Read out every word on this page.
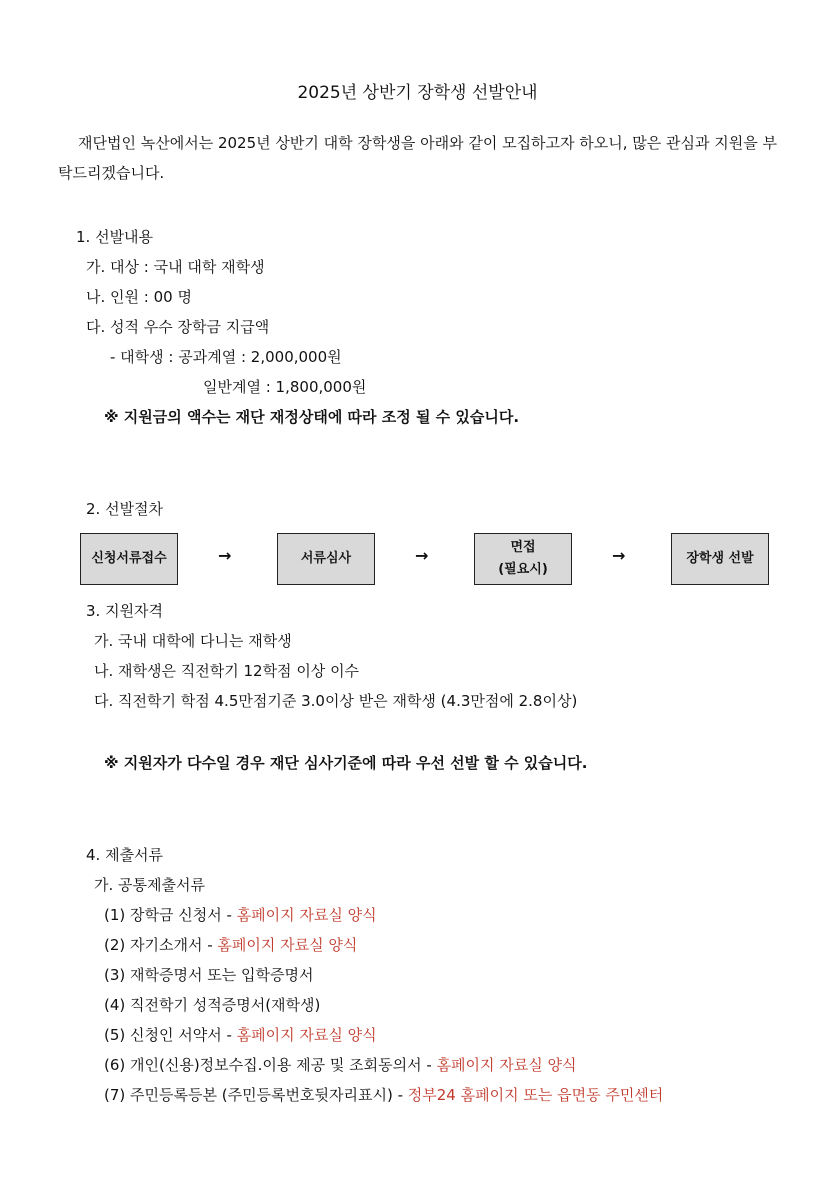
2025년 상반기 장학생 선발안내
재단법인 녹산에서는 2025년 상반기 대학 장학생을 아래와 같이 모집하고자 하오니, 많은 관심과 지원을 부탁드리겠습니다.
1. 선발내용
가. 대상 : 국내 대학 재학생
나. 인원 : 00 명
다. 성적 우수 장학금 지급액
- 대학생 : 공과계열 : 2,000,000원
일반계열 : 1,800,000원
※ 지원금의 액수는 재단 재정상태에 따라 조정 될 수 있습니다.
2. 선발절차
신청서류접수	→	서류심사	→	면접
(필요시)
→	장학생 선발
3. 지원자격
가. 국내 대학에 다니는 재학생
나. 재학생은 직전학기 12학점 이상 이수
다. 직전학기 학점 4.5만점기준 3.0이상 받은 재학생 (4.3만점에 2.8이상)
※ 지원자가 다수일 경우 재단 심사기준에 따라 우선 선발 할 수 있습니다.
4. 제출서류
가. 공통제출서류
(1) 장학금 신청서 - 홈페이지 자료실 양식
(2) 자기소개서 - 홈페이지 자료실 양식
(3) 재학증명서 또는 입학증명서
(4) 직전학기 성적증명서(재학생)
(5) 신청인 서약서 - 홈페이지 자료실 양식
(6) 개인(신용)정보수집.이용 제공 및 조회동의서 - 홈페이지 자료실 양식
(7) 주민등록등본 (주민등록번호뒷자리표시) - 정부24 홈페이지 또는 읍면동 주민센터
